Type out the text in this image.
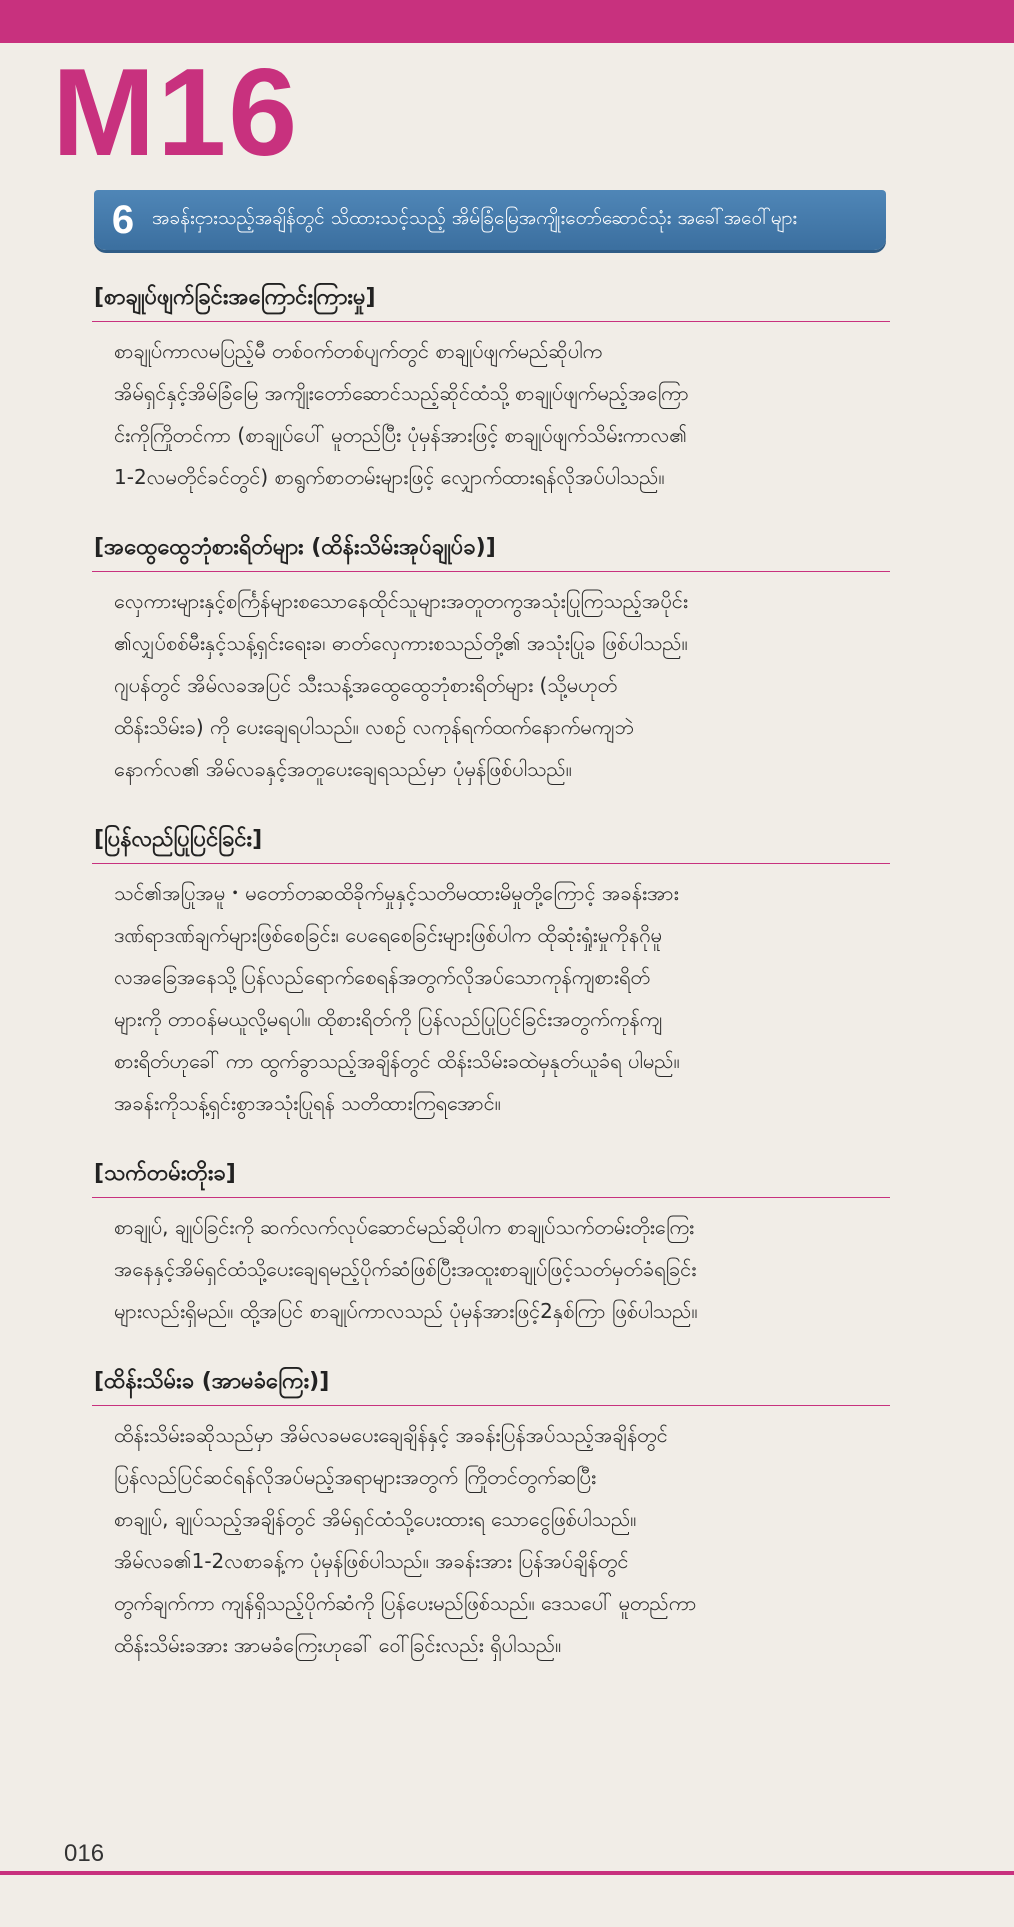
M16
6 အခန်းငှားသည့်အချိန်တွင် သိထားသင့်သည့် အိမ်ခြံမြေအကျိုးတော်ဆောင်သုံး အခေါ်အဝေါ်များ
[စာချုပ်ဖျက်ခြင်းအကြောင်းကြားမှု]
စာချုပ်ကာလမပြည့်မီ တစ်ဝက်တစ်ပျက်တွင် စာချုပ်ဖျက်မည်ဆိုပါက
အိမ်ရှင်နှင့်အိမ်ခြံမြေ အကျိုးတော်ဆောင်သည့်ဆိုင်ထံသို့ စာချုပ်ဖျက်မည့်အကြော
င်းကိုကြိုတင်ကာ (စာချုပ်ပေါ် မူတည်ပြီး ပုံမှန်အားဖြင့် စာချုပ်ဖျက်သိမ်းကာလ၏
1-2လမတိုင်ခင်တွင်) စာရွက်စာတမ်းများဖြင့် လျှောက်ထားရန်လိုအပ်ပါသည်။
[အထွေထွေဘုံစားရိတ်များ (ထိန်းသိမ်းအုပ်ချုပ်ခ)]
လှေကားများနှင့်စင်္ကြန်များစသောနေထိုင်သူများအတူတကွအသုံးပြုကြသည့်အပိုင်း
၏လျှပ်စစ်မီးနှင့်သန့်ရှင်းရေးခ၊ ဓာတ်လှေကားစသည်တို့၏ အသုံးပြုခ ဖြစ်ပါသည်။
ဂျပန်တွင် အိမ်လခအပြင် သီးသန့်အထွေထွေဘုံစားရိတ်များ (သို့မဟုတ်
ထိန်းသိမ်းခ) ကို ပေးချေရပါသည်။ လစဉ် လကုန်ရက်ထက်နောက်မကျဘဲ
နောက်လ၏ အိမ်လခနှင့်အတူပေးချေရသည်မှာ ပုံမှန်ဖြစ်ပါသည်။
[ပြန်လည်ပြုပြင်ခြင်း]
သင်၏အပြုအမူ・မတော်တဆထိခိုက်မှုနှင့်သတိမထားမိမှုတို့ကြောင့် အခန်းအား
ဒဏ်ရာဒဏ်ချက်များဖြစ်စေခြင်း၊ ပေရေစေခြင်းများဖြစ်ပါက ထိုဆုံးရှုံးမှုကိုနဂိုမူ
လအခြေအနေသို့ပြန်လည်ရောက်စေရန်အတွက်လိုအပ်သောကုန်ကျစားရိတ်
များကို တာဝန်မယူလို့မရပါ။ ထိုစားရိတ်ကို ပြန်လည်ပြုပြင်ခြင်းအတွက်ကုန်ကျ
စားရိတ်ဟုခေါ် ကာ ထွက်ခွာသည့်အချိန်တွင် ထိန်းသိမ်းခထဲမှနုတ်ယူခံရ ပါမည်။
အခန်းကိုသန့်ရှင်းစွာအသုံးပြုရန် သတိထားကြရအောင်။
[သက်တမ်းတိုးခ]
စာချုပ်, ချုပ်ခြင်းကို ဆက်လက်လုပ်ဆောင်မည်ဆိုပါက စာချုပ်သက်တမ်းတိုးကြေး
အနေနှင့်အိမ်ရှင်ထံသို့ပေးချေရမည့်ပိုက်ဆံဖြစ်ပြီးအထူးစာချုပ်ဖြင့်သတ်မှတ်ခံရခြင်း
များလည်းရှိမည်။ ထို့အပြင် စာချုပ်ကာလသည် ပုံမှန်အားဖြင့်2နှစ်ကြာ ဖြစ်ပါသည်။
[ထိန်းသိမ်းခ (အာမခံကြေး)]
ထိန်းသိမ်းခဆိုသည်မှာ အိမ်လခမပေးချေချိန်နှင့် အခန်းပြန်အပ်သည့်အချိန်တွင်
ပြန်လည်ပြင်ဆင်ရန်လိုအပ်မည့်အရာများအတွက် ကြိုတင်တွက်ဆပြီး
စာချုပ်, ချုပ်သည့်အချိန်တွင် အိမ်ရှင်ထံသို့ပေးထားရ သောငွေဖြစ်ပါသည်။
အိမ်လခ၏1-2လစာခန့်က ပုံမှန်ဖြစ်ပါသည်။ အခန်းအား ပြန်အပ်ချိန်တွင်
တွက်ချက်ကာ ကျန်ရှိသည့်ပိုက်ဆံကို ပြန်ပေးမည်ဖြစ်သည်။ ဒေသပေါ် မူတည်ကာ
ထိန်းသိမ်းခအား အာမခံကြေးဟုခေါ် ဝေါ်ခြင်းလည်း ရှိပါသည်။
016
